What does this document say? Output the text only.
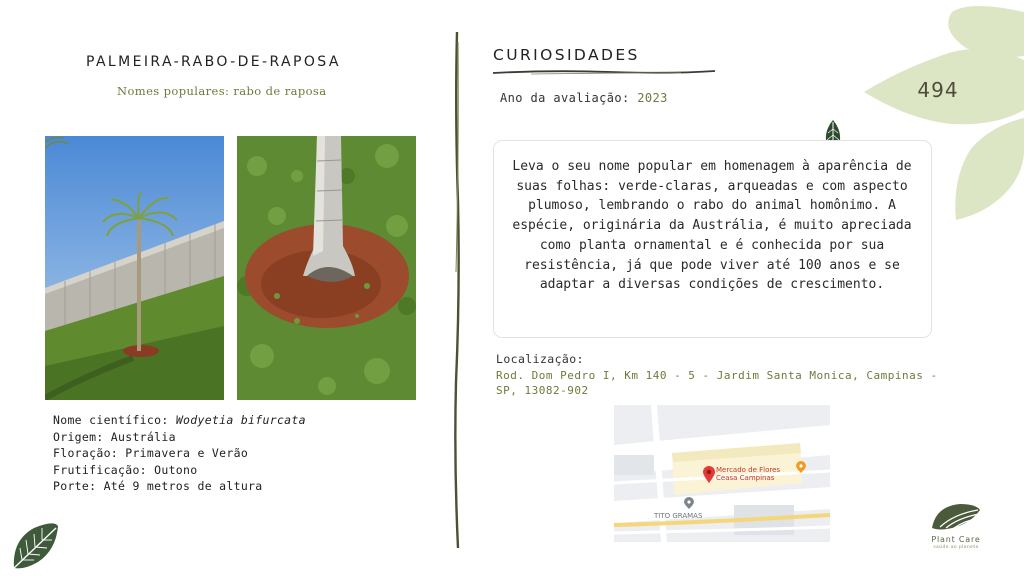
PALMEIRA-RABO-DE-RAPOSA
Nomes populares: rabo de raposa
Nome científico: Wodyetia bifurcata
Origem: Austrália
Floração: Primavera e Verão
Frutificação: Outono
Porte: Até 9 metros de altura
CURIOSIDADES
Ano da avaliação: 2023
Leva o seu nome popular em homenagem à aparência de suas folhas: verde-claras, arqueadas e com aspecto plumoso, lembrando o rabo do animal homônimo. A espécie, originária da Austrália, é muito apreciada como planta ornamental e é conhecida por sua resistência, já que pode viver até 100 anos e se adaptar a diversas condições de crescimento.
Localização:
Rod. Dom Pedro I, Km 140 - 5 - Jardim Santa Monica, Campinas - SP, 13082-902
Mercado de Flores
Ceasa Campinas
TITO GRAMAS
494
Plant Care
saúde ao planeta
